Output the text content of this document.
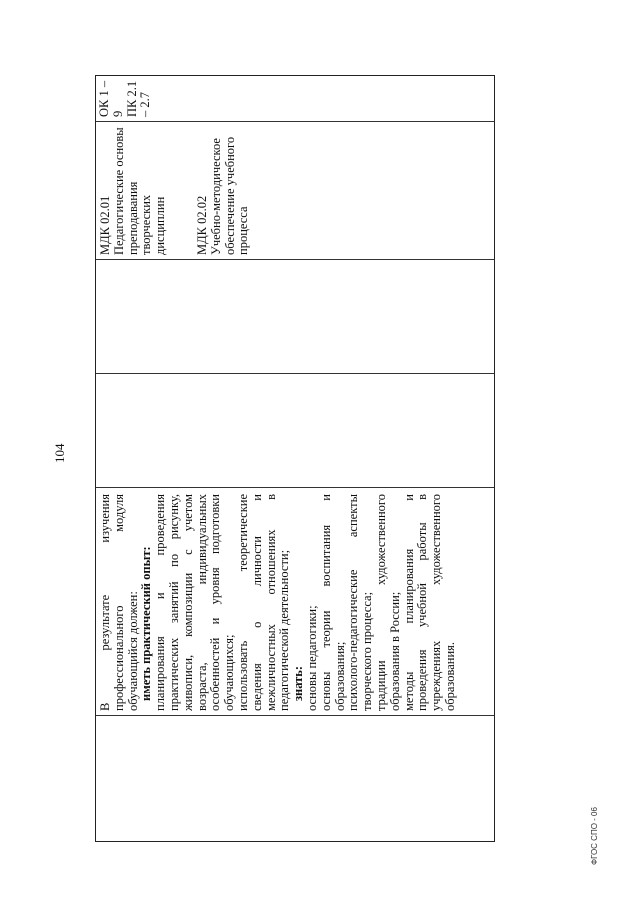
104
В результате изучения профессионального модуля обучающийся должен: иметь практический опыт: планирования и проведения практических занятий по рисунку, живописи, композиции с учетом возраста, индивидуальных особенностей и уровня подготовки обучающихся; использовать теоретические сведения о личности и межличностных отношениях в педагогической деятельности; знать: основы педагогики; основы теории воспитания и образования; психолого-педагогические аспекты творческого процесса; традиции художественного образования в России; методы планирования и проведения учебной работы в учреждениях художественного образования.
МДК 02.01 Педагогические основы преподавания творческих дисциплин МДК 02.02 Учебно-методическое обеспечение учебного процесса
ОК 1 – 9 ПК 2.1 – 2.7
ФГОС СПО - 06
